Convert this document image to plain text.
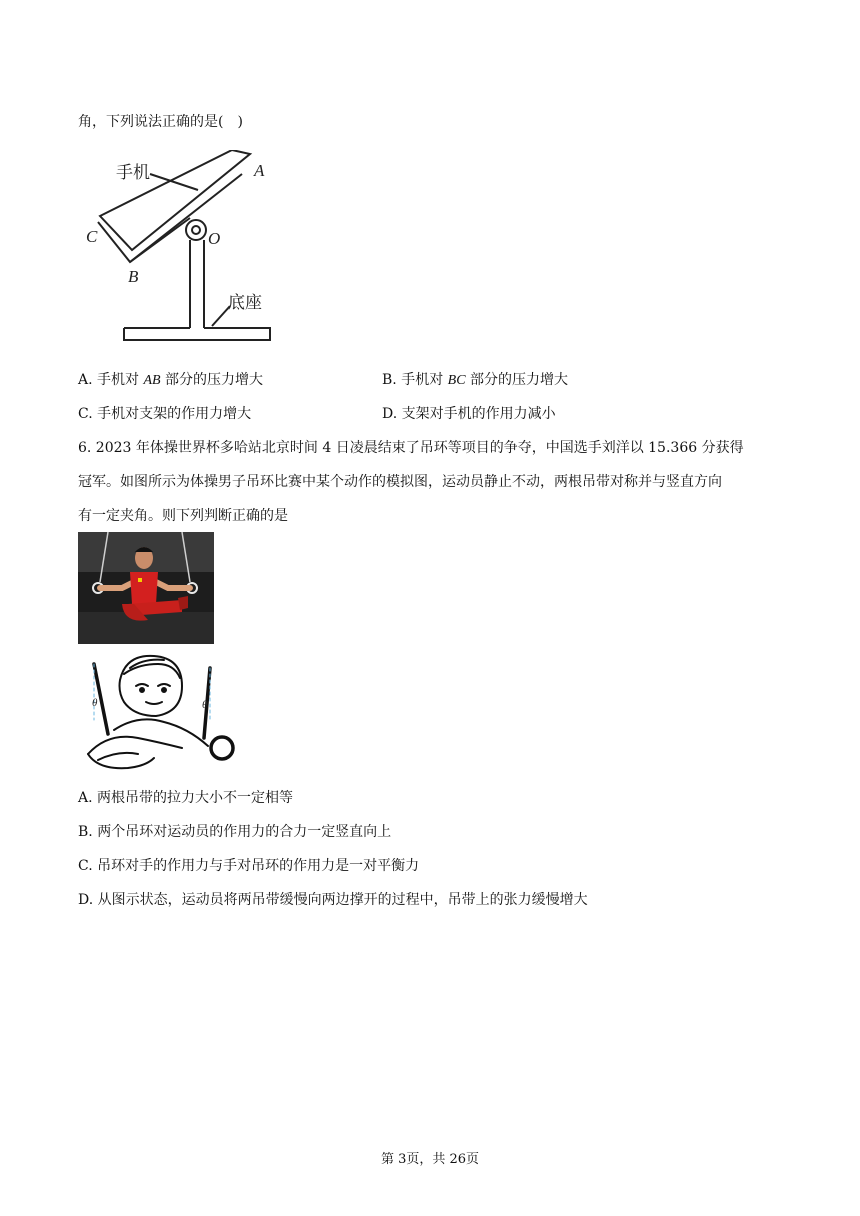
角，下列说法正确的是(　)
手机	A
C
B
O
底座
A. 手机对 AB 部分的压力增大	B. 手机对 BC 部分的压力增大
C. 手机对支架的作用力增大	D. 支架对手机的作用力减小
6. 2023 年体操世界杯多哈站北京时间 4 日凌晨结束了吊环等项目的争夺，中国选手刘洋以 15.366 分获得
冠军。如图所示为体操男子吊环比赛中某个动作的模拟图，运动员静止不动，两根吊带对称并与竖直方向
有一定夹角。则下列判断正确的是
θ	θ
A. 两根吊带的拉力大小不一定相等
B. 两个吊环对运动员的作用力的合力一定竖直向上
C. 吊环对手的作用力与手对吊环的作用力是一对平衡力
D. 从图示状态，运动员将两吊带缓慢向两边撑开的过程中，吊带上的张力缓慢增大
第 3页，共 26页
